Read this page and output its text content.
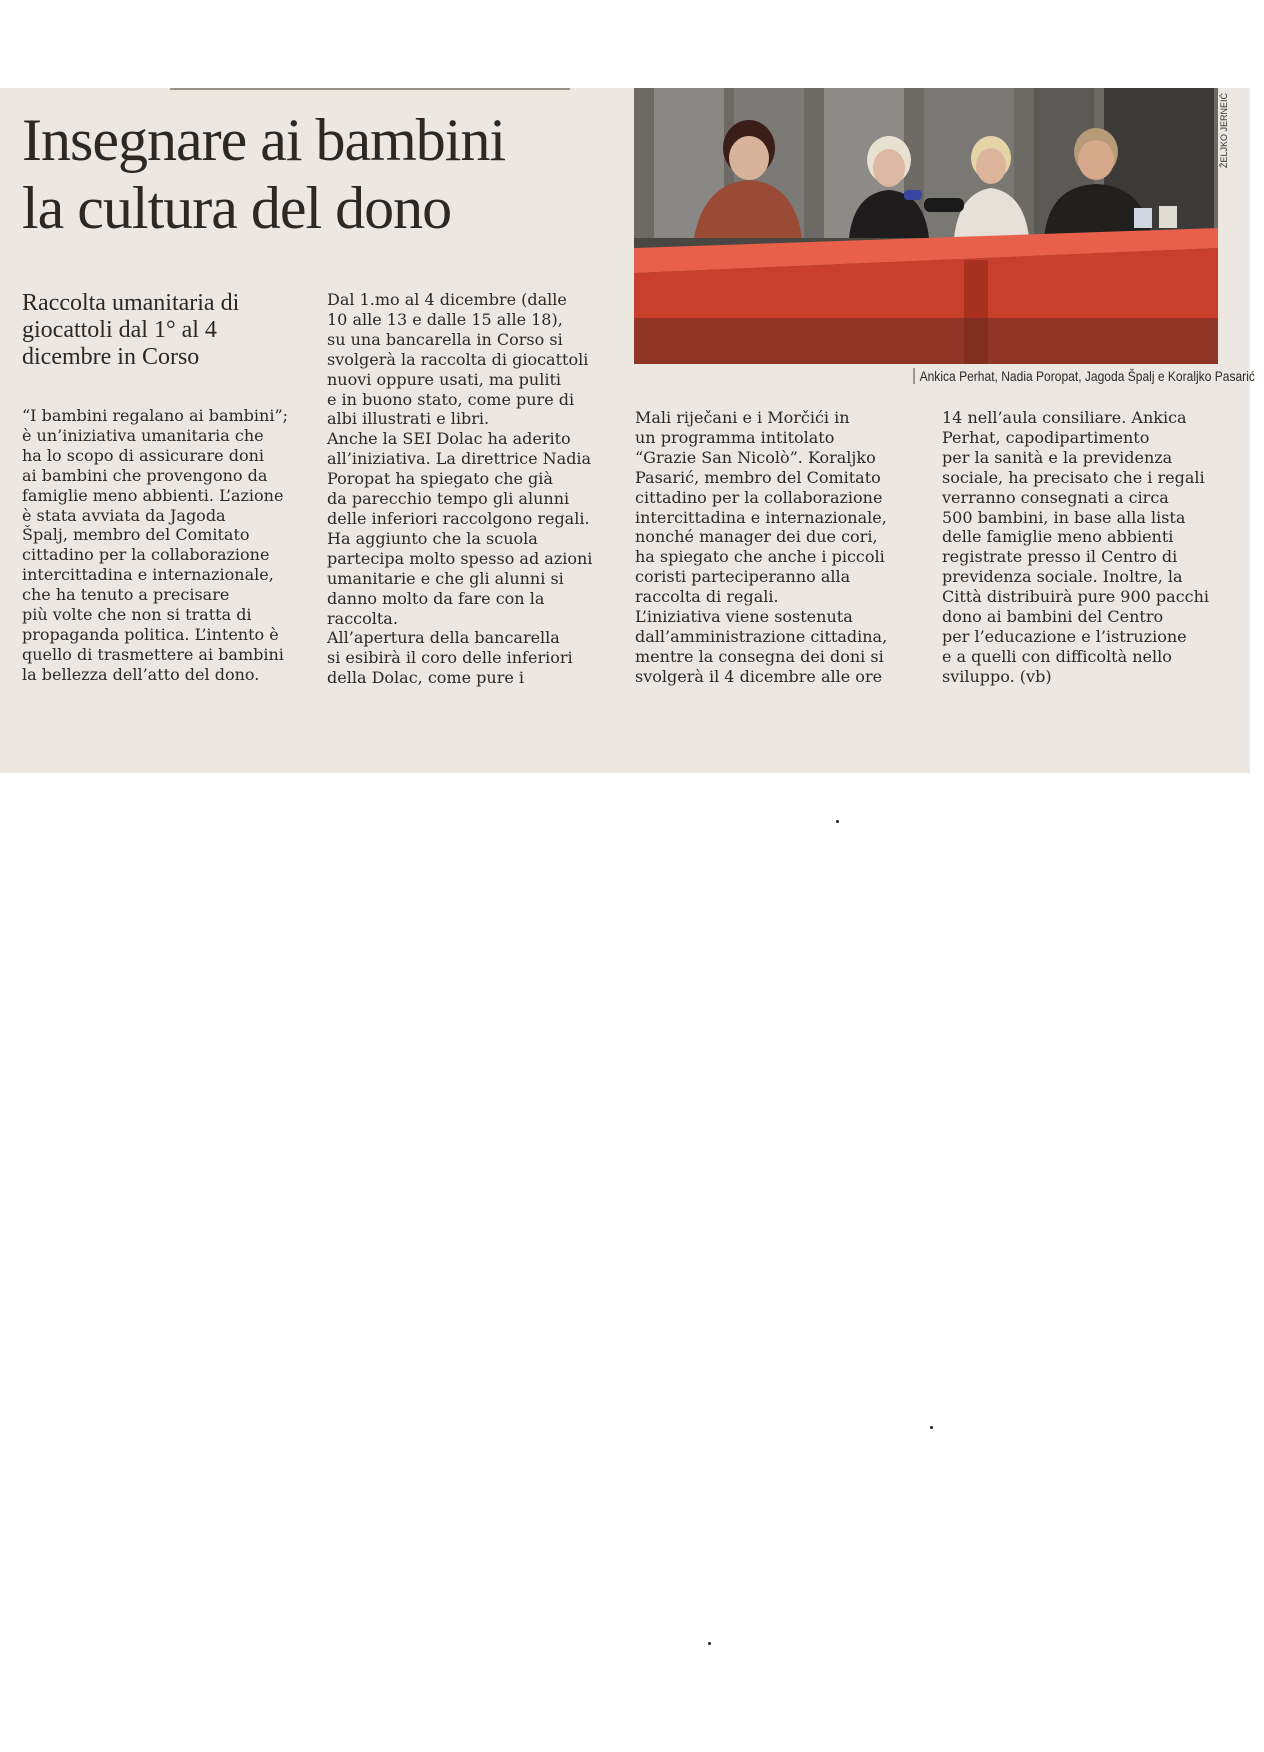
Insegnare ai bambini
la cultura del dono
Raccolta umanitaria di giocattoli dal 1° al 4 dicembre in Corso
“I bambini regalano ai bambini”;
è un’iniziativa umanitaria che
ha lo scopo di assicurare doni
ai bambini che provengono da
famiglie meno abbienti. L’azione
è stata avviata da Jagoda
Špalj, membro del Comitato
cittadino per la collaborazione
intercittadina e internazionale,
che ha tenuto a precisare
più volte che non si tratta di
propaganda politica. L’intento è
quello di trasmettere ai bambini
la bellezza dell’atto del dono.
Dal 1.mo al 4 dicembre (dalle
10 alle 13 e dalle 15 alle 18),
su una bancarella in Corso si
svolgerà la raccolta di giocattoli
nuovi oppure usati, ma puliti
e in buono stato, come pure di
albi illustrati e libri.
Anche la SEI Dolac ha aderito
all’iniziativa. La direttrice Nadia
Poropat ha spiegato che già
da parecchio tempo gli alunni
delle inferiori raccolgono regali.
Ha aggiunto che la scuola
partecipa molto spesso ad azioni
umanitarie e che gli alunni si
danno molto da fare con la
raccolta.
All’apertura della bancarella
si esibirà il coro delle inferiori
della Dolac, come pure i
Mali riječani e i Morčići in
un programma intitolato
“Grazie San Nicolò”. Koraljko
Pasarić, membro del Comitato
cittadino per la collaborazione
intercittadina e internazionale,
nonché manager dei due cori,
ha spiegato che anche i piccoli
coristi parteciperanno alla
raccolta di regali.
L’iniziativa viene sostenuta
dall’amministrazione cittadina,
mentre la consegna dei doni si
svolgerà il 4 dicembre alle ore
14 nell’aula consiliare. Ankica
Perhat, capodipartimento
per la sanità e la previdenza
sociale, ha precisato che i regali
verranno consegnati a circa
500 bambini, in base alla lista
delle famiglie meno abbienti
registrate presso il Centro di
previdenza sociale. Inoltre, la
Città distribuirà pure 900 pacchi
dono ai bambini del Centro
per l’educazione e l’istruzione
e a quelli con difficoltà nello
sviluppo. (vb)
ŽELJKO JERNEIĆ
Ankica Perhat, Nadia Poropat, Jagoda Špalj e Koraljko Pasarić
